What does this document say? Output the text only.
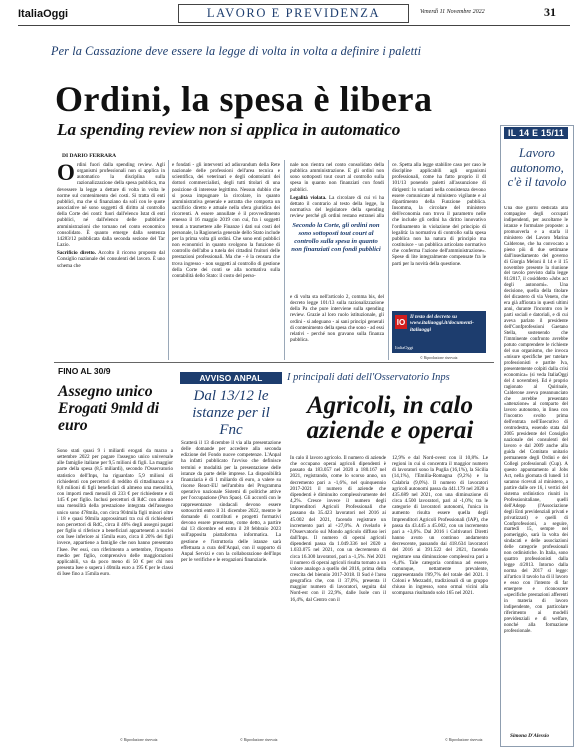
ItaliaOggi	LAVORO E PREVIDENZA	Venerdì 11 Novembre 2022	31
Per la Cassazione deve essere la legge di volta in volta a definire i paletti
Ordini, la spesa è libera
La spending review non si applica in automatico
DI DARIO FERRARA

Ordini fuori dalla spending review. Agli organismi professionali non si applica in automatico la disciplina sulla razionalizzazione della spesa pubblica, ma devessere la legge a dettare di volta in volta le norme sul contenimento dei costi. Si tratta di enti pubblici, ma che si finanziano da soli con le quote associative né sono soggetti di diritto al controllo della Corte dei conti: fuori dall'elenco Istat di enti pubblici, né dall'elenco delle pubbliche amministrazioni che tornano nel conto economico consolidato. È quanto emerge dalla sentenza 14283/12 pubblicata dalla seconda sezione del Tar Lazio.

Sacrificio diretto. Accolto il ricorso proposto dal Consiglio nazionale dei consulenti del lavoro. È uno schema che

e fondati - gli interventi ad adiuvandum della Rete nazionale delle professioni dell'area tecnica e scientifica, dei veterinari e degli odontoiatri dei dottori commercialisti, degli tutti titolari di una posizione di interesse legittimo. Nessun dubbio che si possa impugnare la circolare, in quanto amministrativa generale e astratta che comporta un sacrificio diretto e attuale nella sfera giuridica dei ricorrenti. A essere annullate è il provvedimento emesso il 16 maggio 2019 con cui, fra i soggetti tenuti a trasmettere alle Finanze i dati sui costi del personale, la Ragioneria generale dello Stato include per la prima volta gli ordini. Che sono enti pubblici non economici in quanto svolgono la funzione di controllo dell'albo a tutela dei cittadini fruitori delle prestazioni professionali. Ma che - è la censura che trova ingresso - non soggetti al controllo di gestione della Corte dei conti se alla normativa sulla contabilità dello Stato: il costo del perso-

nale non rientra nel conto consolidato della pubblica amministrazione. E gli ordini non sono sottoposti tout court al controllo sulla spesa in quanto non finanziati con fondi pubblici.

Legalità violata. La circolare di cui vi ha dettato il contrario al testo della legge, la normativa del legislatore della spending review perché gli ordini restano estranei alla

Secondo la Corte, gli ordini non sono sottoposti tout court al controllo sulla spesa in quanto non finanziati con fondi pubblici
e di volta sta nell'articolo 2, comma bis, del decreto legge 101/13 sulla razionalizzazione della Pa che pure interviene sulla spending review. Grazie al loro ruolo istituzionale, gli ordini - si adeguano - ai sani principi generali di contenimento della spesa che sono - ad essi relativi - perché non gravano sulla finanza pubblica.
ce. Spetta alla legge stabilire caso per caso le discipline applicabili agli organismi professionali, come ha fatto proprio il dl 101/13 ponendo paletti all'assunzione di dirigenti: lo varianti nella consistenza devono essere comunicate al ministero vigilante e al dipartimento della Funzione pubblica. Insomma, la circolare del ministero dell'economia non trova il parametro nelle che include gli ordini ha diritto innovativo l'ordinamento in violazione del principio di legalità: la normativa di controllo sulla spesa pubblica non ha natura di principio ma costituisce - un pubblica articolato normativo che conferma l'azione dell'amministrazione». Spese di lite integralmente compensate fra le parti per la novità della questione.
IO
Il testo del decreto su www.italiaoggi.it/documenti-italiaoggi
ItaliaOggi
© Riproduzione riservata
IL 14 E 15/11
Lavoro autonomo, c'è il tavolo
Una due giorni dedicata alla compagine degli occupati indipendenti, per ascoltarne le istanze e formulare proposte: a promuoverla e a starla il ministero del Lavoro Marina Calderone, che ha convocato a pieno più di due settimane dall'insediamento del governo di Giorgia Meloni il 14 e il 15 novembre presente la riunione del tavolo previsto dalla legge 81/2017, il cosiddetto «Jobs act degli autonomi». Una decisione, quella della titolare del dicastero di via Veneto, che era già affiorata in questi ultimi anni, durante l'incontro con le parti sociali e datoriali, e di cui aveva parlato il presidente dell'Confprofessioni Gaetano Stella, sostenendo che l'imminente confronto avrebbe potuto comprendere le richieste del suo organismo, che invoca «misure specifiche per tutelare professionisti e partite Iva, presentemente colpiti dalla crisi economica» (si veda ItaliaOggi del 4 novembre). Ed è proprio ragionato al Quirinale, Calderone aveva preannunciato che avrebbe presentato «attenzione» al comparto del lavoro autonomo, in linea con l'incontro svolto prima dell'entrata nell'Esecutivo di centrodestra, essendo stata dal 2005 presidente del Consiglio nazionale dei consulenti del lavoro e dal 2009 anche alla guida del Comitato unitario permanente degli Ordini e dei Collegi professionali (Cup). A questo appuntamento al Jobs Act, nella giornata di lunedì 14 saranno ricevuti al ministero, a partire dalle ore 16, i vertici del sistema ordinistico riuniti in Professionitaliane, quelli dell'Adepp (l'Associazione degli Enti previdenziali privati e privatizzati) e quelli di Confprofessioni, a seguire, martedì 15, sempre nel pomeriggio, sarà la volta dei sindacati e delle associazioni delle categorie professionali non ordinistiche. In Italia, sono quattro professionisti dalla legge 4/2013. Intorno dalla norma del 2017 si legge: all'artico il tavolo ha di il lavoro e esso con l'intento di far emergere e riconoscere «specifiche prestazioni afferenti in materia di lavoro indipendente, con particolare riferimento ai modelli previdenziali e di welfare, nonché alla formazione professionale.
Simona D'Alessio
FINO AL 30/9
Assegno unico Erogati 9mld di euro
Sono stati quasi 9 i miliardi erogati da marzo a settembre 2022 per pagare l'assegno unico universale alle famiglie italiane per 9,5 milioni di figli. La maggior parte della spesa (8,5 miliardi), secondo l'Osservatorio statistico dell'Inps, ha riguardato 5,9 milioni di richiedenti con percettori di reddito di cittadinanza e a 8,8 milioni di figli beneficiari di almeno una mensilità, con importi medi mensili di 233 € per richiedente e di 145 € per figlio. Inclusi percettori di RdC con almeno una mensilità della prestazione integrata dell'assegno unico sono 478mila, con circa 904mila figli minori oltre i 18 e quasi 90mila approssimati tra cui di richiedenti non percettori di RdC, circa il 46% degli assegni pagati per figlio si riferisce a beneficiari appartenenti a nuclei con Isee inferiore ai 15mila euro, circa il 20% dei figli invece, appartiene a famiglie che non hanno presentato l'Isee. Per essi, con riferimento a settembre, l'importo medio per figlio, comprensivo delle maggiorazioni applicabili, va da poco meno di 50 € per chi non presenta Isee o supera i 40mila euro a 195 € per le classi di Isee fino a 15mila euro.
© Riproduzione riservata
AVVISO ANPAL
Dal 13/12 le istanze per il Fnc
Scatterà il 13 dicembre il via alla presentazione delle domande per accedere alla seconda edizione del Fondo nuove competenze. L'Anpal ha infatti pubblicato l'avviso che definisce termini e modalità per la presentazione delle istanze da parte delle imprese. La disponibilità finanziaria è di 1 miliardo di euro, a valere su risorse React-EU nell'ambito del Programma operativo nazionale Sistemi di politiche attive per l'occupazione (Pon Spao). Gli accordi con le rappresentanze sindacali devono essere sottoscritti entro il 31 dicembre 2022, mentre le domande di contributi e progetti formativi devono essere presentate, come detto, a partire dal 13 dicembre ed entro il 28 febbraio 2023 sull'apposita piattaforma informatica. La gestione e l'istruttoria delle istanze sarà effettuata a cura dell'Anpal, con il supporto di Anpal Servizi e con la collaborazione dell'Inps per le verifiche e le erogazioni finanziarie.
© Riproduzione riservata
I principali dati dell'Osservatorio Inps
Agricoli, in calo aziende e operai
In calo il lavoro agricolo. Il numero di aziende che occupano operai agricoli dipendenti è passato da 183.057 nel 2020 a 180.167 nel 2021, registrando, come lo scorso anno, un decremento pari a -1,6%, nel quinquennio 2017-2021 il numero di aziende che dipendenti è diminuito complessivamente del 4,2%. Cresce invece il numero degli Imprenditori Agricoli Professionali che passano da 35.423 lavoratori nel 2016 ai 45.002 del 2021, facendo registrare un incremento pari al +27,0%. A rivelarlo è l'Osservatorio sul Mondo agricolo diffuso ieri dall'Inps. Il numero di operai agricoli dipendenti passa da 1.049.336 nel 2020 a 1.033.075 nel 2021, con un decremento di circa 16.300 lavoratori, pari a -1,5%. Nel 2021 il numero di operai agricoli risulta tornato a un valore analogo a quello del 2016, prima della crescita del biennio 2017-2018. Il Sud è l'area geografica che, con il 37,0%, presenta il maggior numero di lavoratori, seguita dal Nord-est con il 22,9%, dalle Isole con il 16,4%, dal Centro con il
12,9% e dal Nord-ovest con il 10,8%. Le regioni in cui si concentra il maggior numero di lavoratori sono la Puglia (16,1%), la Sicilia (14,1%), l'Emilia-Romagna (9,2%) e la Calabria (9,0%). Il numero di lavoratori agricoli autonomi passa da 441.179 nel 2020 a 435.689 nel 2021, con una diminuzione di circa 4.500 lavoratori, pari al -1,0%; tra le categorie di lavoratori autonomi, l'unica in aumento risulta essere quella degli Imprenditori Agricoli Professionali (IAP), che passa da 43.445 a 45.002, con un incremento pari a +3,6%. Dal 2016 i Coltivatori Diretti hanno avuto un continuo andamento decrescente, passando dai 418.634 lavoratori del 2016 ai 391.522 del 2021, facendo registrare una diminuzione complessiva pari a -6,4%. Tale categoria continua ad essere, comunque, nettamente prevalente, rappresentando l'89,7% del totale del 2021. I Coloni e Mezzadri, tradizionali di un gruppo chiuso in ingresso, sono ormai vicini alla scomparsa risultando solo 165 nel 2021.
© Riproduzione riservata
